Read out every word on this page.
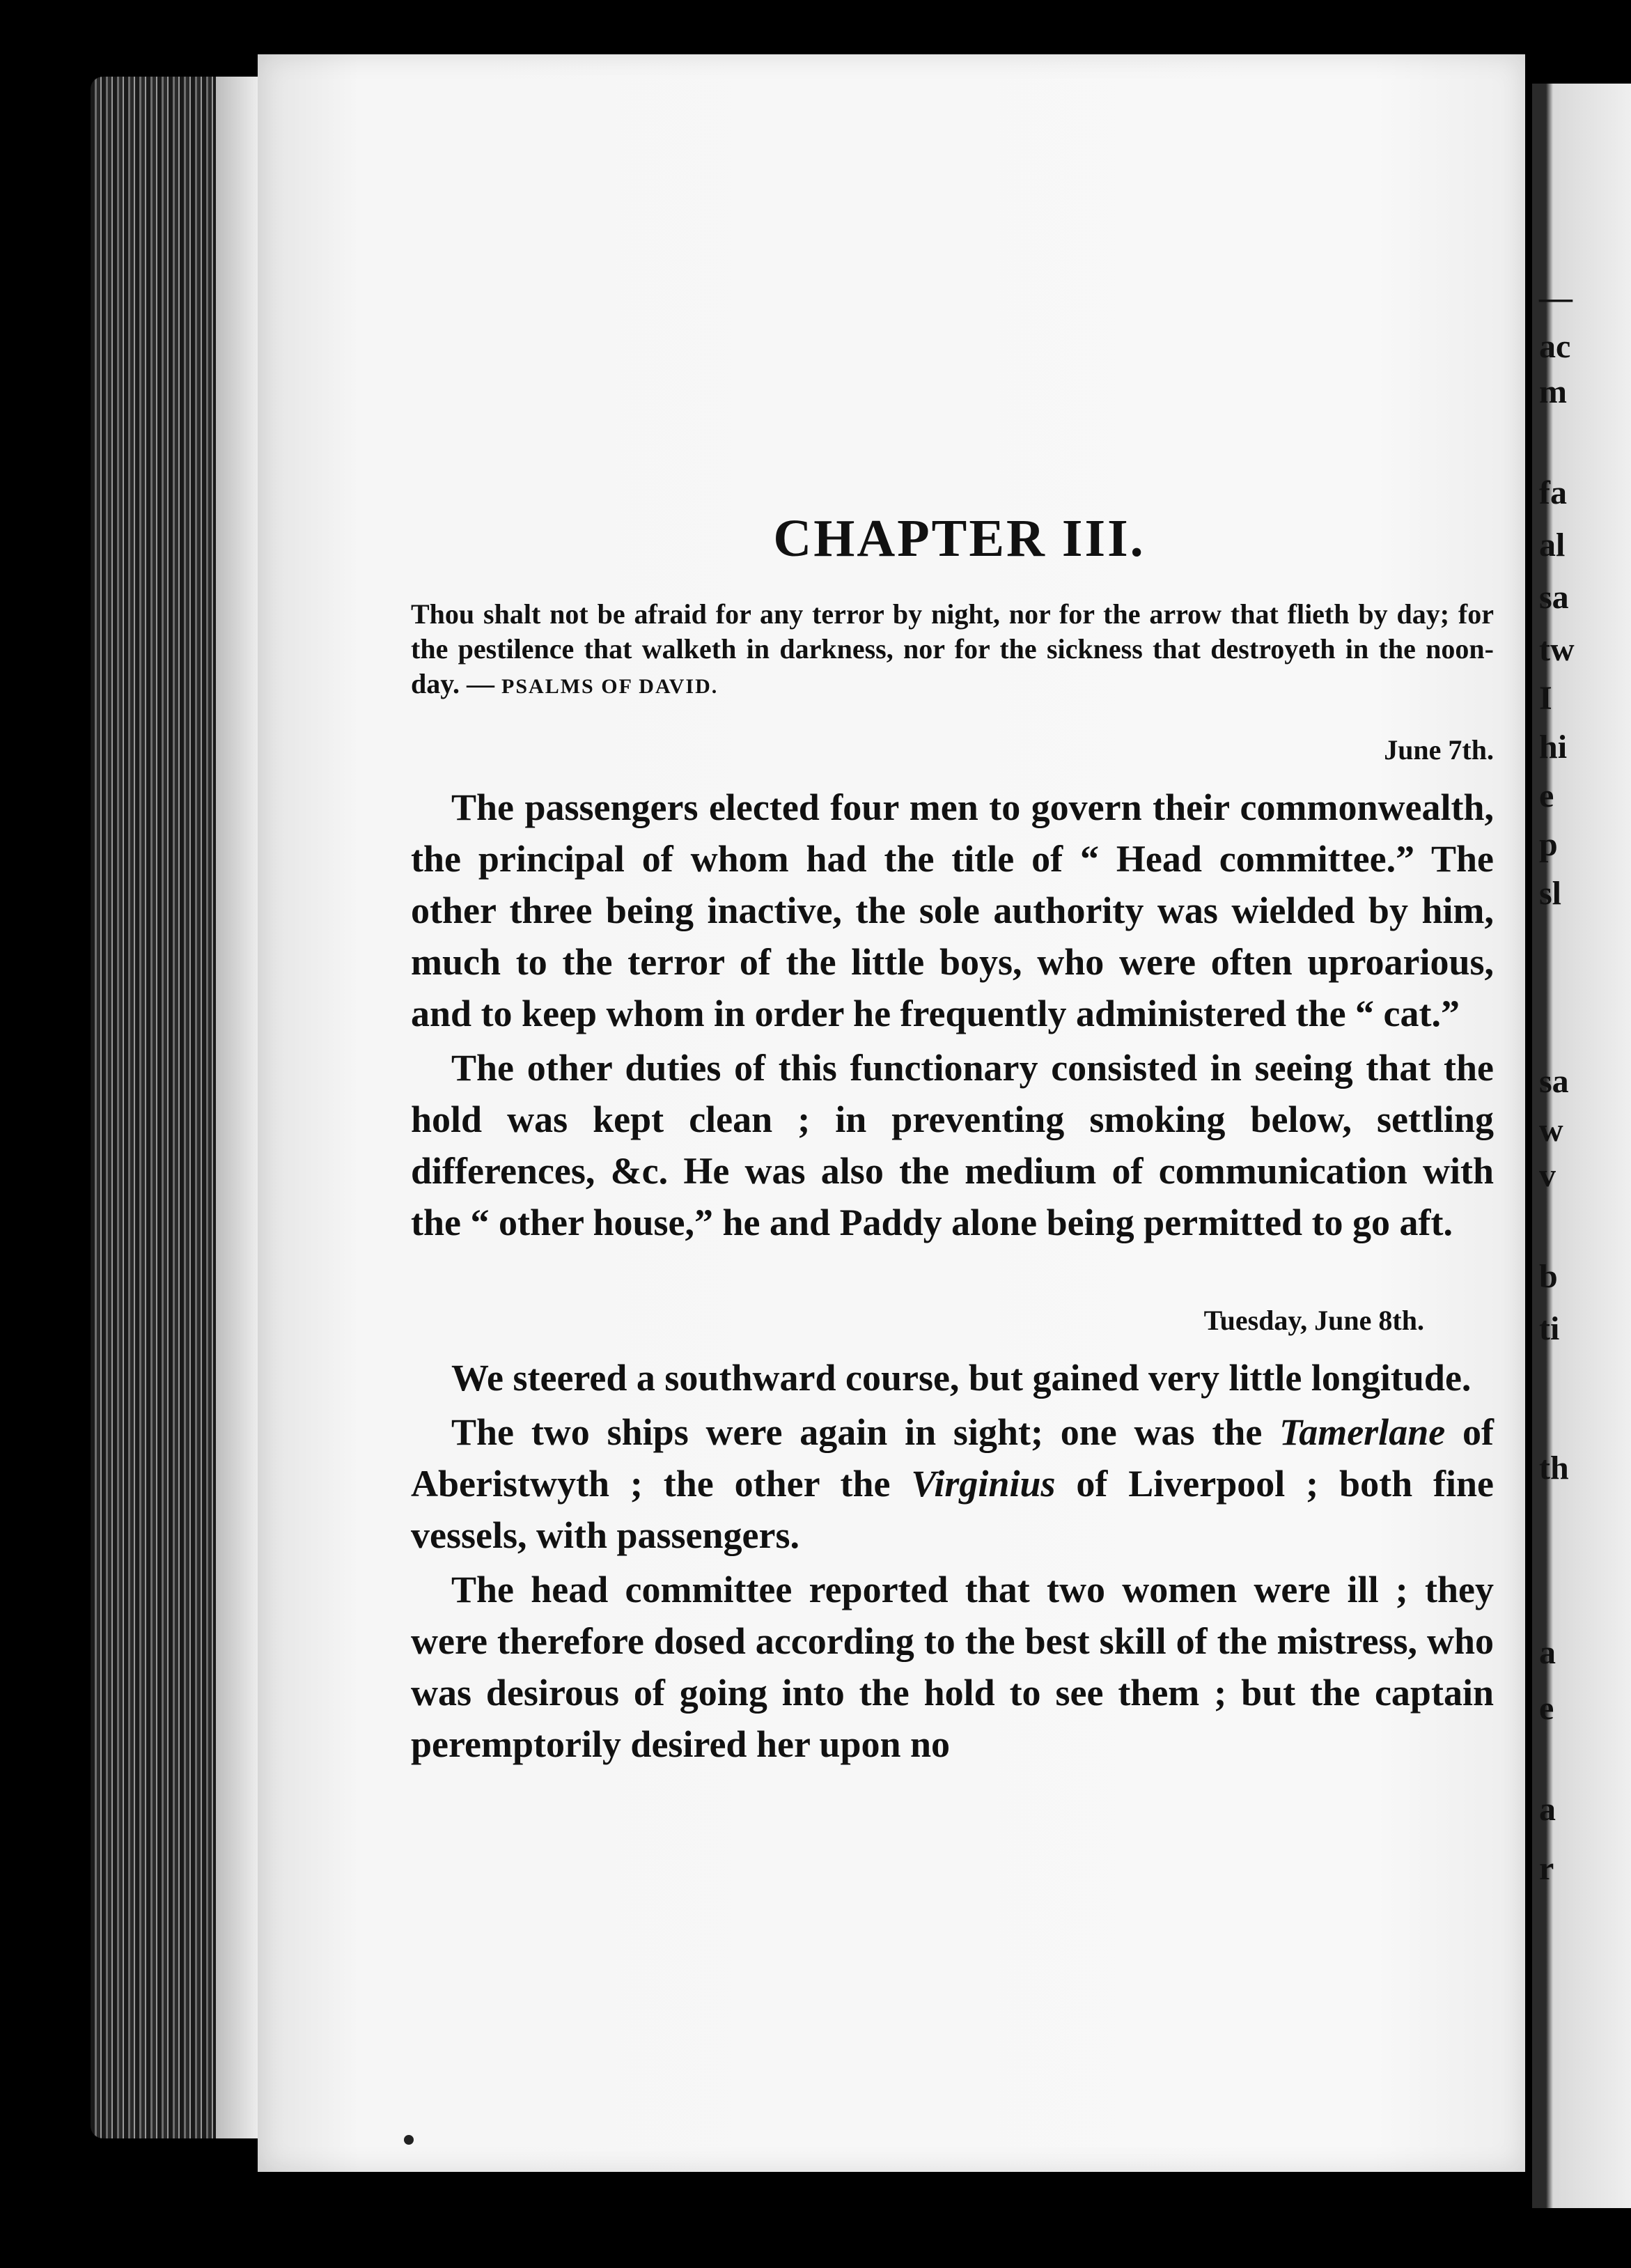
—
ac
m
fa
al
sa
tw
I
hi
e
p
sl
sa
w
v
b
ti
th
a
e
a
r
CHAPTER III.

Thou shalt not be afraid for any terror by night, nor for the arrow that flieth by day; for the pestilence that walketh in darkness, nor for the sickness that destroyeth in the noon-day. — PSALMS OF DAVID.

June 7th.

The passengers elected four men to govern their commonwealth, the principal of whom had the title of “ Head committee.” The other three being inactive, the sole authority was wielded by him, much to the terror of the little boys, who were often uproarious, and to keep whom in order he frequently administered the “ cat.”

The other duties of this functionary consisted in seeing that the hold was kept clean ; in preventing smoking below, settling differences, &c. He was also the medium of communication with the “ other house,” he and Paddy alone being permitted to go aft.

Tuesday, June 8th.

We steered a southward course, but gained very little longitude.

The two ships were again in sight; one was the Tamerlane of Aberistwyth ; the other the Virginius of Liverpool ; both fine vessels, with passengers.

The head committee reported that two women were ill ; they were therefore dosed according to the best skill of the mistress, who was desirous of going into the hold to see them ; but the captain peremptorily desired her upon no
